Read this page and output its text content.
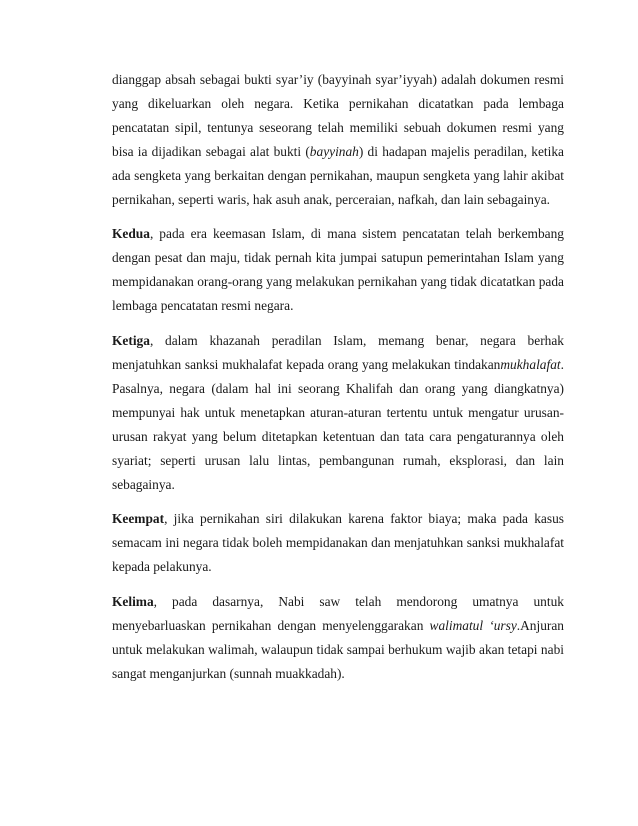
dianggap absah sebagai bukti syar’iy (bayyinah syar’iyyah) adalah dokumen resmi yang dikeluarkan oleh negara. Ketika pernikahan dicatatkan pada lembaga pencatatan sipil, tentunya seseorang telah memiliki sebuah dokumen resmi yang bisa ia dijadikan sebagai alat bukti (bayyinah) di hadapan majelis peradilan, ketika ada sengketa yang berkaitan dengan pernikahan, maupun sengketa yang lahir akibat pernikahan, seperti waris, hak asuh anak, perceraian, nafkah, dan lain sebagainya.

Kedua, pada era keemasan Islam, di mana sistem pencatatan telah berkembang dengan pesat dan maju, tidak pernah kita jumpai satupun pemerintahan Islam yang mempidanakan orang-orang yang melakukan pernikahan yang tidak dicatatkan pada lembaga pencatatan resmi negara.

Ketiga, dalam khazanah peradilan Islam, memang benar, negara berhak menjatuhkan sanksi mukhalafat kepada orang yang melakukan tindakanmukhalafat. Pasalnya, negara (dalam hal ini seorang Khalifah dan orang yang diangkatnya) mempunyai hak untuk menetapkan aturan-aturan tertentu untuk mengatur urusan-urusan rakyat yang belum ditetapkan ketentuan dan tata cara pengaturannya oleh syariat; seperti urusan lalu lintas, pembangunan rumah, eksplorasi, dan lain sebagainya.

Keempat, jika pernikahan siri dilakukan karena faktor biaya; maka pada kasus semacam ini negara tidak boleh mempidanakan dan menjatuhkan sanksi mukhalafat kepada pelakunya.

Kelima, pada dasarnya, Nabi saw telah mendorong umatnya untuk menyebarluaskan pernikahan dengan menyelenggarakan walimatul ‘ursy.Anjuran untuk melakukan walimah, walaupun tidak sampai berhukum wajib akan tetapi nabi sangat menganjurkan (sunnah muakkadah).
